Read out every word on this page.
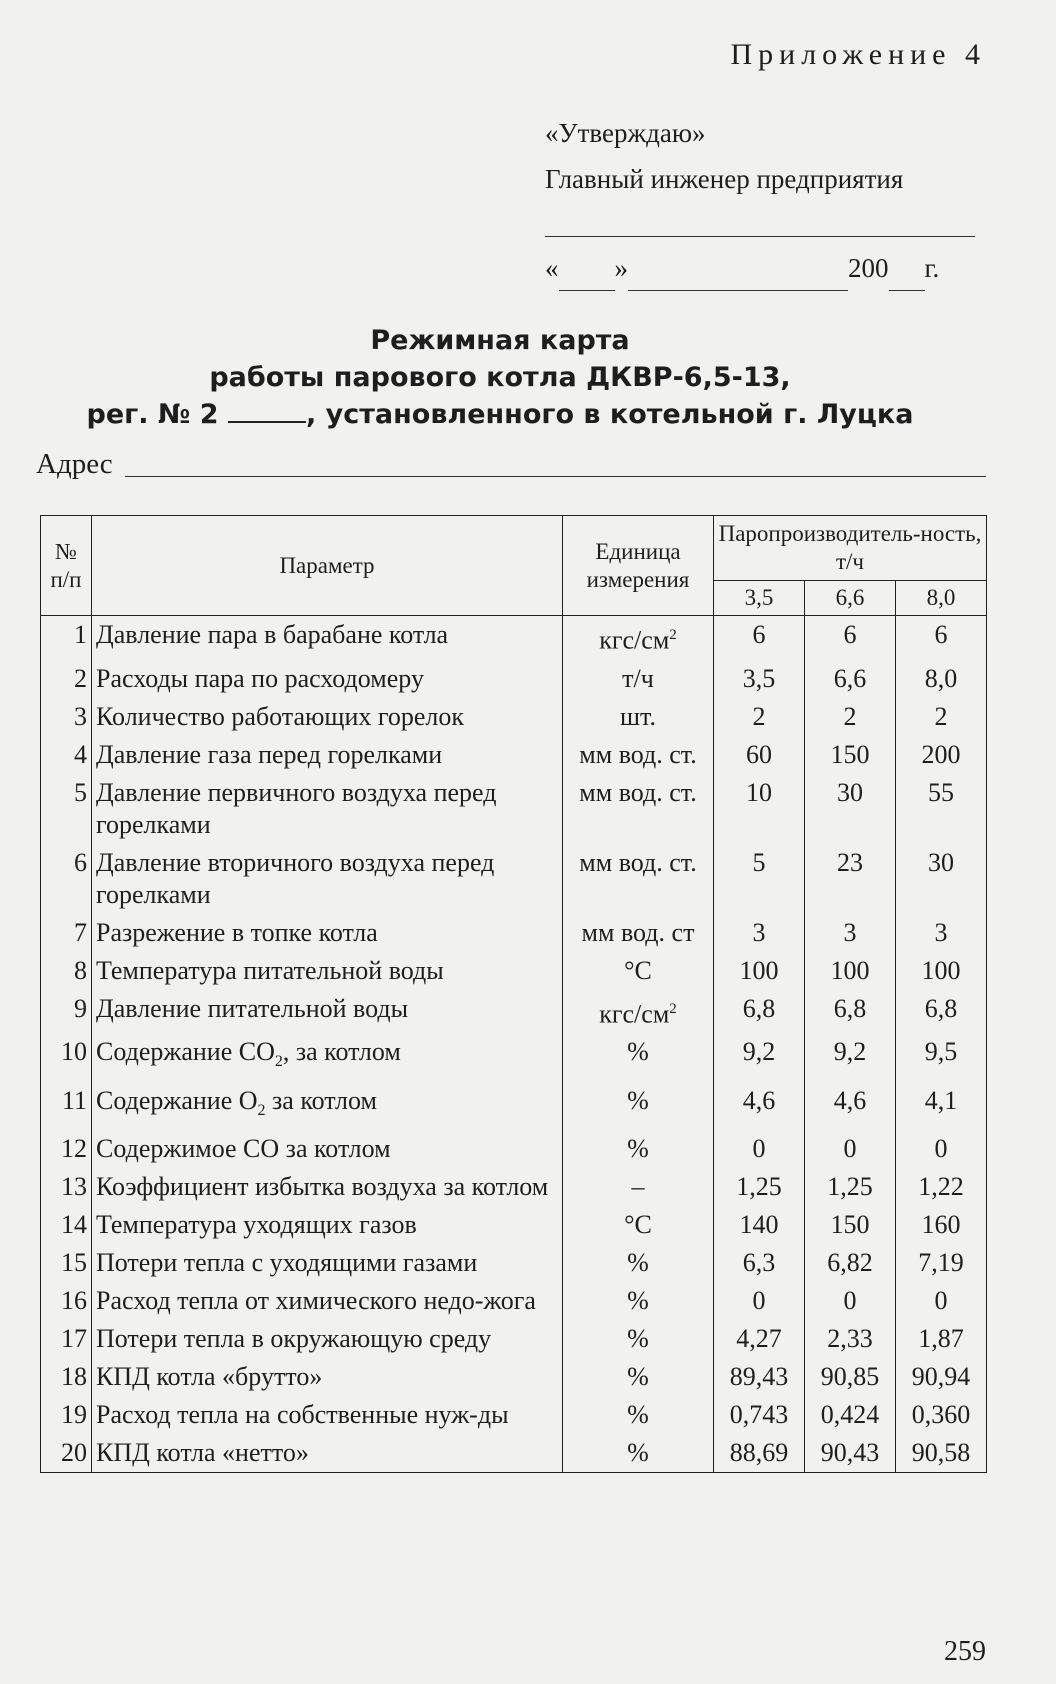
Приложение 4
«Утверждаю»
Главный инженер предприятия
« »	200 г.
Режимная карта
работы парового котла ДКВР-6,5-13,
рег. № 2	, установленного в котельной г. Луцка
Адрес
№ п/п	Параметр	Единица измерения	Паропроизводитель-ность, т/ч		
			3,5	6,6	8,0
1	Давление пара в барабане котла	кгс/$см^2$	6	6	6
2	Расходы пара по расходомеру	т/ч	3,5	6,6	8,0
3	Количество работающих горелок	шт.	2	2	2
4	Давление газа перед горелками	мм вод. ст.	60	150	200
5	Давление первичного воздуха перед горелками	мм вод. ст.	10	30	55
6	Давление вторичного воздуха перед горелками	мм вод. ст.	5	23	30
7	Разрежение в топке котла	мм вод. ст	3	3	3
8	Температура питательной воды	°С	100	100	100
9	Давление питательной воды	кгс/$см^2$	6,8	6,8	6,8
10	Содержание $СО_2$, за котлом	%	9,2	9,2	9,5
11	Содержание $О_2$ за котлом	%	4,6	4,6	4,1
12	Содержимое СО за котлом	%	0	0	0
13	Коэффициент избытка воздуха за котлом	–	1,25	1,25	1,22
14	Температура уходящих газов	°С	140	150	160
15	Потери тепла с уходящими газами	%	6,3	6,82	7,19
16	Расход тепла от химического недо-жога	%	0	0	0
17	Потери тепла в окружающую среду	%	4,27	2,33	1,87
18	КПД котла «брутто»	%	89,43	90,85	90,94
19	Расход тепла на собственные нуж-ды	%	0,743	0,424	0,360
20	КПД котла «нетто»	%	88,69	90,43	90,58
259
